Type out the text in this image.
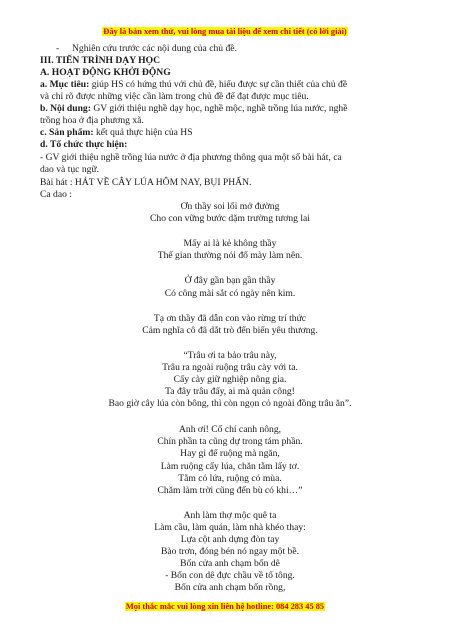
Đây là bản xem thử, vui lòng mua tài liệu để xem chi tiết (có lời giải)
- Nghiên cứu trước các nội dung của chủ đề.
III. TIẾN TRÌNH DẠY HỌC
A. HOẠT ĐỘNG KHỞI ĐỘNG
a. Mục tiêu: giúp HS có hứng thú với chủ đề, hiểu được sự cần thiết của chủ đề
và chỉ rõ được những việc cần làm trong chủ đề để đạt được mục tiêu.
b. Nội dung: GV giới thiệu nghề dạy học, nghề mộc, nghề trồng lúa nước, nghề
trồng hoa ở địa phương xã.
c. Sản phẩm: kết quả thực hiện của HS
d. Tổ chức thực hiện:
- GV giới thiệu nghề trồng lúa nước ở địa phương thông qua một số bài hát, ca
dao và tục ngữ.
Bài hát : HÁT VỀ CÂY LÚA HÔM NAY, BỤI PHẤN.
Ca dao :
Ơn thầy soi lối mở đường
Cho con vững bước dặm trường tương lai
Mấy ai là kẻ không thầy
Thế gian thường nói đố mày làm nên.
Ở đây gần bạn gần thầy
Có công mài sắt có ngày nên kim.
Tạ ơn thầy đã dẫn con vào rừng trí thức
Cảm nghĩa cô đã dắt trò đến biển yêu thương.
“Trâu ơi ta bảo trâu này,
Trâu ra ngoài ruộng trâu cày với ta.
Cấy cày giữ nghiệp nông gia.
Ta đây trâu đấy, ai mà quản công!
Bao giờ cây lúa còn bông, thì còn ngọn cỏ ngoài đồng trâu ăn”.
Anh ơi! Cố chí canh nông,
Chín phần ta cũng dự trong tám phần.
Hay gì để ruộng mà ngăn,
Làm ruộng cấy lúa, chăn tằm lấy tơ.
Tằm có lứa, ruộng có mùa.
Chăm làm trời cũng đến bù có khi…”
Anh làm thợ mộc quê ta
Làm cầu, làm quán, làm nhà khéo thay:
Lựa cột anh dựng đòn tay
Bào trơn, đóng bén nó ngay một bề.
Bốn cửa anh chạm bốn dê
- Bốn con dê đực chầu về tổ tông.
Bốn cửa anh chạm bốn rồng,
Mọi thắc mắc vui lòng xin liên hệ hotline: 084 283 45 85
